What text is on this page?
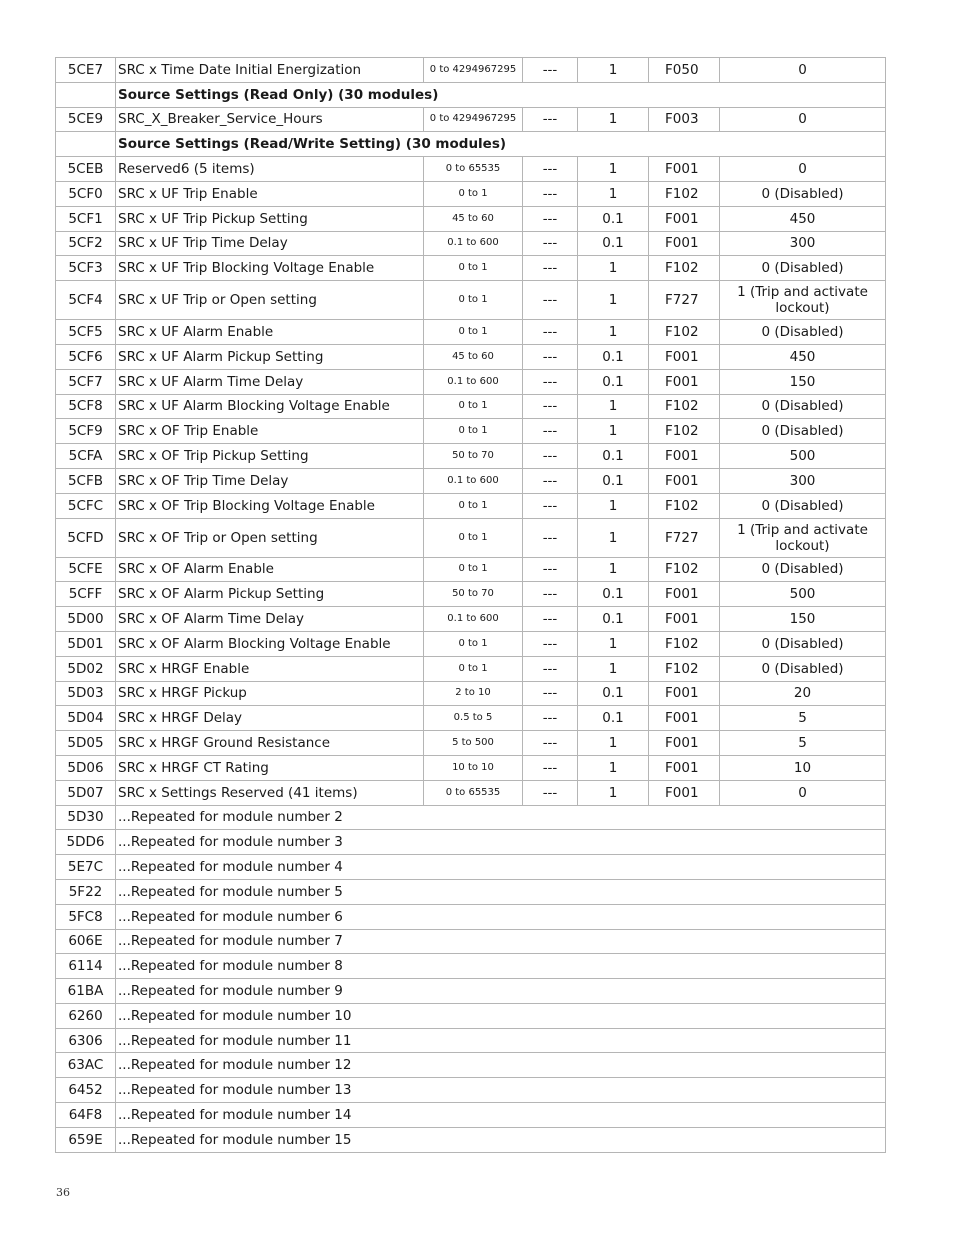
5CE7	SRC x Time Date Initial Energization	0 to 4294967295	---	1	F050	0
	Source Settings (Read Only) (30 modules)					
5CE9	SRC_X_Breaker_Service_Hours	0 to 4294967295	---	1	F003	0
	Source Settings (Read/Write Setting) (30 modules)					
5CEB	Reserved6 (5 items)	0 to 65535	---	1	F001	0
5CF0	SRC x UF Trip Enable	0 to 1	---	1	F102	0 (Disabled)
5CF1	SRC x UF Trip Pickup Setting	45 to 60	---	0.1	F001	450
5CF2	SRC x UF Trip Time Delay	0.1 to 600	---	0.1	F001	300
5CF3	SRC x UF Trip Blocking Voltage Enable	0 to 1	---	1	F102	0 (Disabled)
5CF4	SRC x UF Trip or Open setting	0 to 1	---	1	F727	1 (Trip and activate lockout)
5CF5	SRC x UF Alarm Enable	0 to 1	---	1	F102	0 (Disabled)
5CF6	SRC x UF Alarm Pickup Setting	45 to 60	---	0.1	F001	450
5CF7	SRC x UF Alarm Time Delay	0.1 to 600	---	0.1	F001	150
5CF8	SRC x UF Alarm Blocking Voltage Enable	0 to 1	---	1	F102	0 (Disabled)
5CF9	SRC x OF Trip Enable	0 to 1	---	1	F102	0 (Disabled)
5CFA	SRC x OF Trip Pickup Setting	50 to 70	---	0.1	F001	500
5CFB	SRC x OF Trip Time Delay	0.1 to 600	---	0.1	F001	300
5CFC	SRC x OF Trip Blocking Voltage Enable	0 to 1	---	1	F102	0 (Disabled)
5CFD	SRC x OF Trip or Open setting	0 to 1	---	1	F727	1 (Trip and activate lockout)
5CFE	SRC x OF Alarm Enable	0 to 1	---	1	F102	0 (Disabled)
5CFF	SRC x OF Alarm Pickup Setting	50 to 70	---	0.1	F001	500
5D00	SRC x OF Alarm Time Delay	0.1 to 600	---	0.1	F001	150
5D01	SRC x OF Alarm Blocking Voltage Enable	0 to 1	---	1	F102	0 (Disabled)
5D02	SRC x HRGF Enable	0 to 1	---	1	F102	0 (Disabled)
5D03	SRC x HRGF Pickup	2 to 10	---	0.1	F001	20
5D04	SRC x HRGF Delay	0.5 to 5	---	0.1	F001	5
5D05	SRC x HRGF Ground Resistance	5 to 500	---	1	F001	5
5D06	SRC x HRGF CT Rating	10 to 10	---	1	F001	10
5D07	SRC x Settings Reserved (41 items)	0 to 65535	---	1	F001	0
5D30	...Repeated for module number 2					
5DD6	...Repeated for module number 3					
5E7C	...Repeated for module number 4					
5F22	...Repeated for module number 5					
5FC8	...Repeated for module number 6					
606E	...Repeated for module number 7					
6114	...Repeated for module number 8					
61BA	...Repeated for module number 9					
6260	...Repeated for module number 10					
6306	...Repeated for module number 11					
63AC	...Repeated for module number 12					
6452	...Repeated for module number 13					
64F8	...Repeated for module number 14					
659E	...Repeated for module number 15					
36
